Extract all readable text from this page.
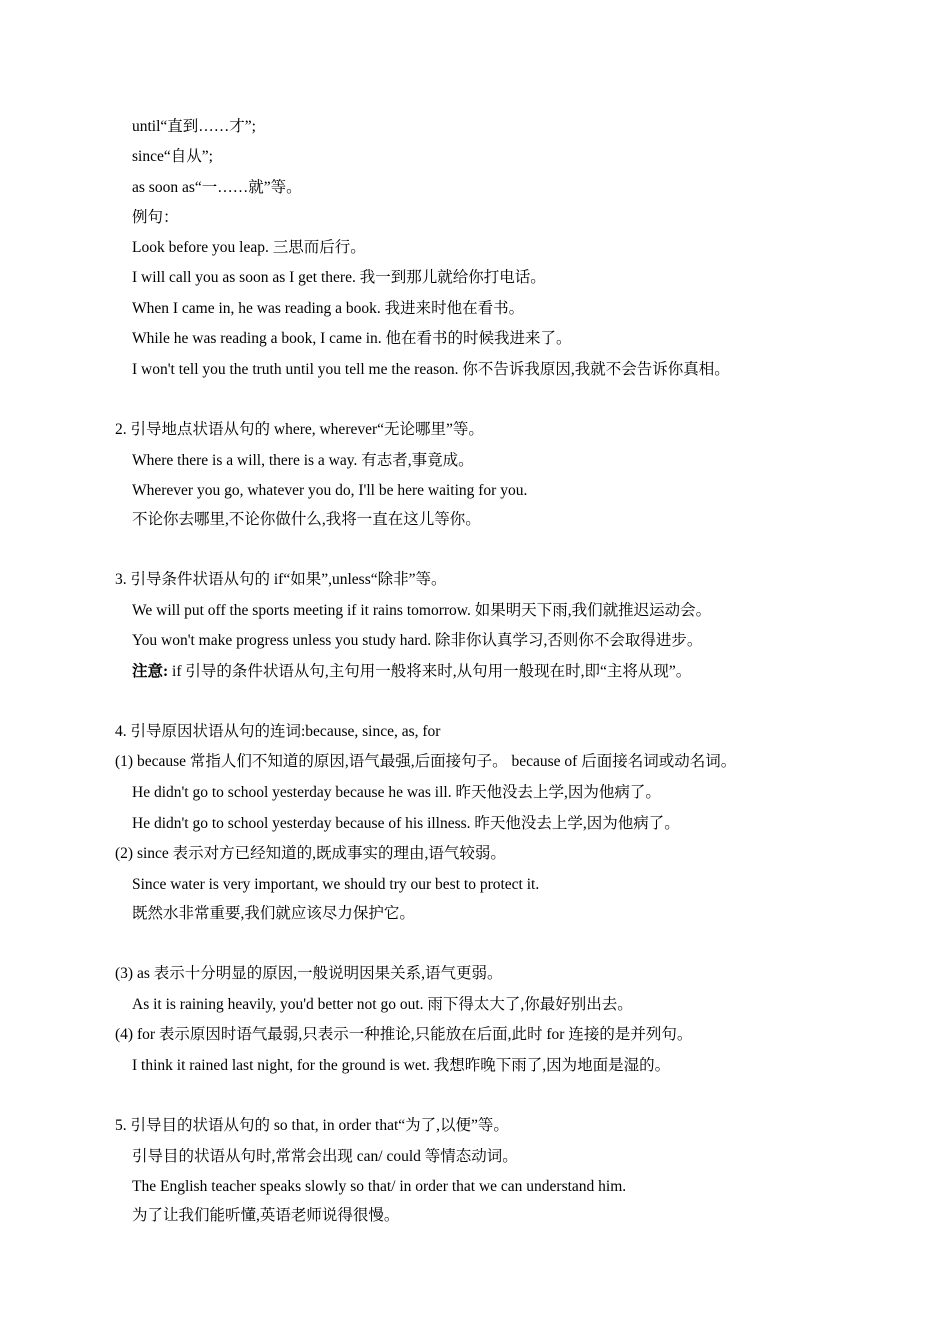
until“直到……才”;
since“自从”;
as soon as“一……就”等。
例句：
Look before you leap. 三思而后行。
I will call you as soon as I get there. 我一到那儿就给你打电话。
When I came in, he was reading a book. 我进来时他在看书。
While he was reading a book, I came in. 他在看书的时候我进来了。
I won't tell you the truth until you tell me the reason. 你不告诉我原因,我就不会告诉你真相。
2. 引导地点状语从句的 where, wherever“无论哪里”等。
Where there is a will, there is a way. 有志者,事竟成。
Wherever you go, whatever you do, I'll be here waiting for you.
不论你去哪里,不论你做什么,我将一直在这儿等你。
3. 引导条件状语从句的 if“如果”,unless“除非”等。
We will put off the sports meeting if it rains tomorrow. 如果明天下雨,我们就推迟运动会。
You won't make progress unless you study hard. 除非你认真学习,否则你不会取得进步。
注意: if 引导的条件状语从句,主句用一般将来时,从句用一般现在时,即“主将从现”。
4. 引导原因状语从句的连词:because, since, as, for
(1) because 常指人们不知道的原因,语气最强,后面接句子。 because of 后面接名词或动名词。
He didn't go to school yesterday because he was ill. 昨天他没去上学,因为他病了。
He didn't go to school yesterday because of his illness. 昨天他没去上学,因为他病了。
(2) since 表示对方已经知道的,既成事实的理由,语气较弱。
Since water is very important, we should try our best to protect it.
既然水非常重要,我们就应该尽力保护它。
(3) as 表示十分明显的原因,一般说明因果关系,语气更弱。
As it is raining heavily, you'd better not go out. 雨下得太大了,你最好别出去。
(4) for 表示原因时语气最弱,只表示一种推论,只能放在后面,此时 for 连接的是并列句。
I think it rained last night, for the ground is wet. 我想昨晚下雨了,因为地面是湿的。
5. 引导目的状语从句的 so that, in order that“为了,以便”等。
引导目的状语从句时,常常会出现 can/ could 等情态动词。
The English teacher speaks slowly so that/ in order that we can understand him.
为了让我们能听懂,英语老师说得很慢。
